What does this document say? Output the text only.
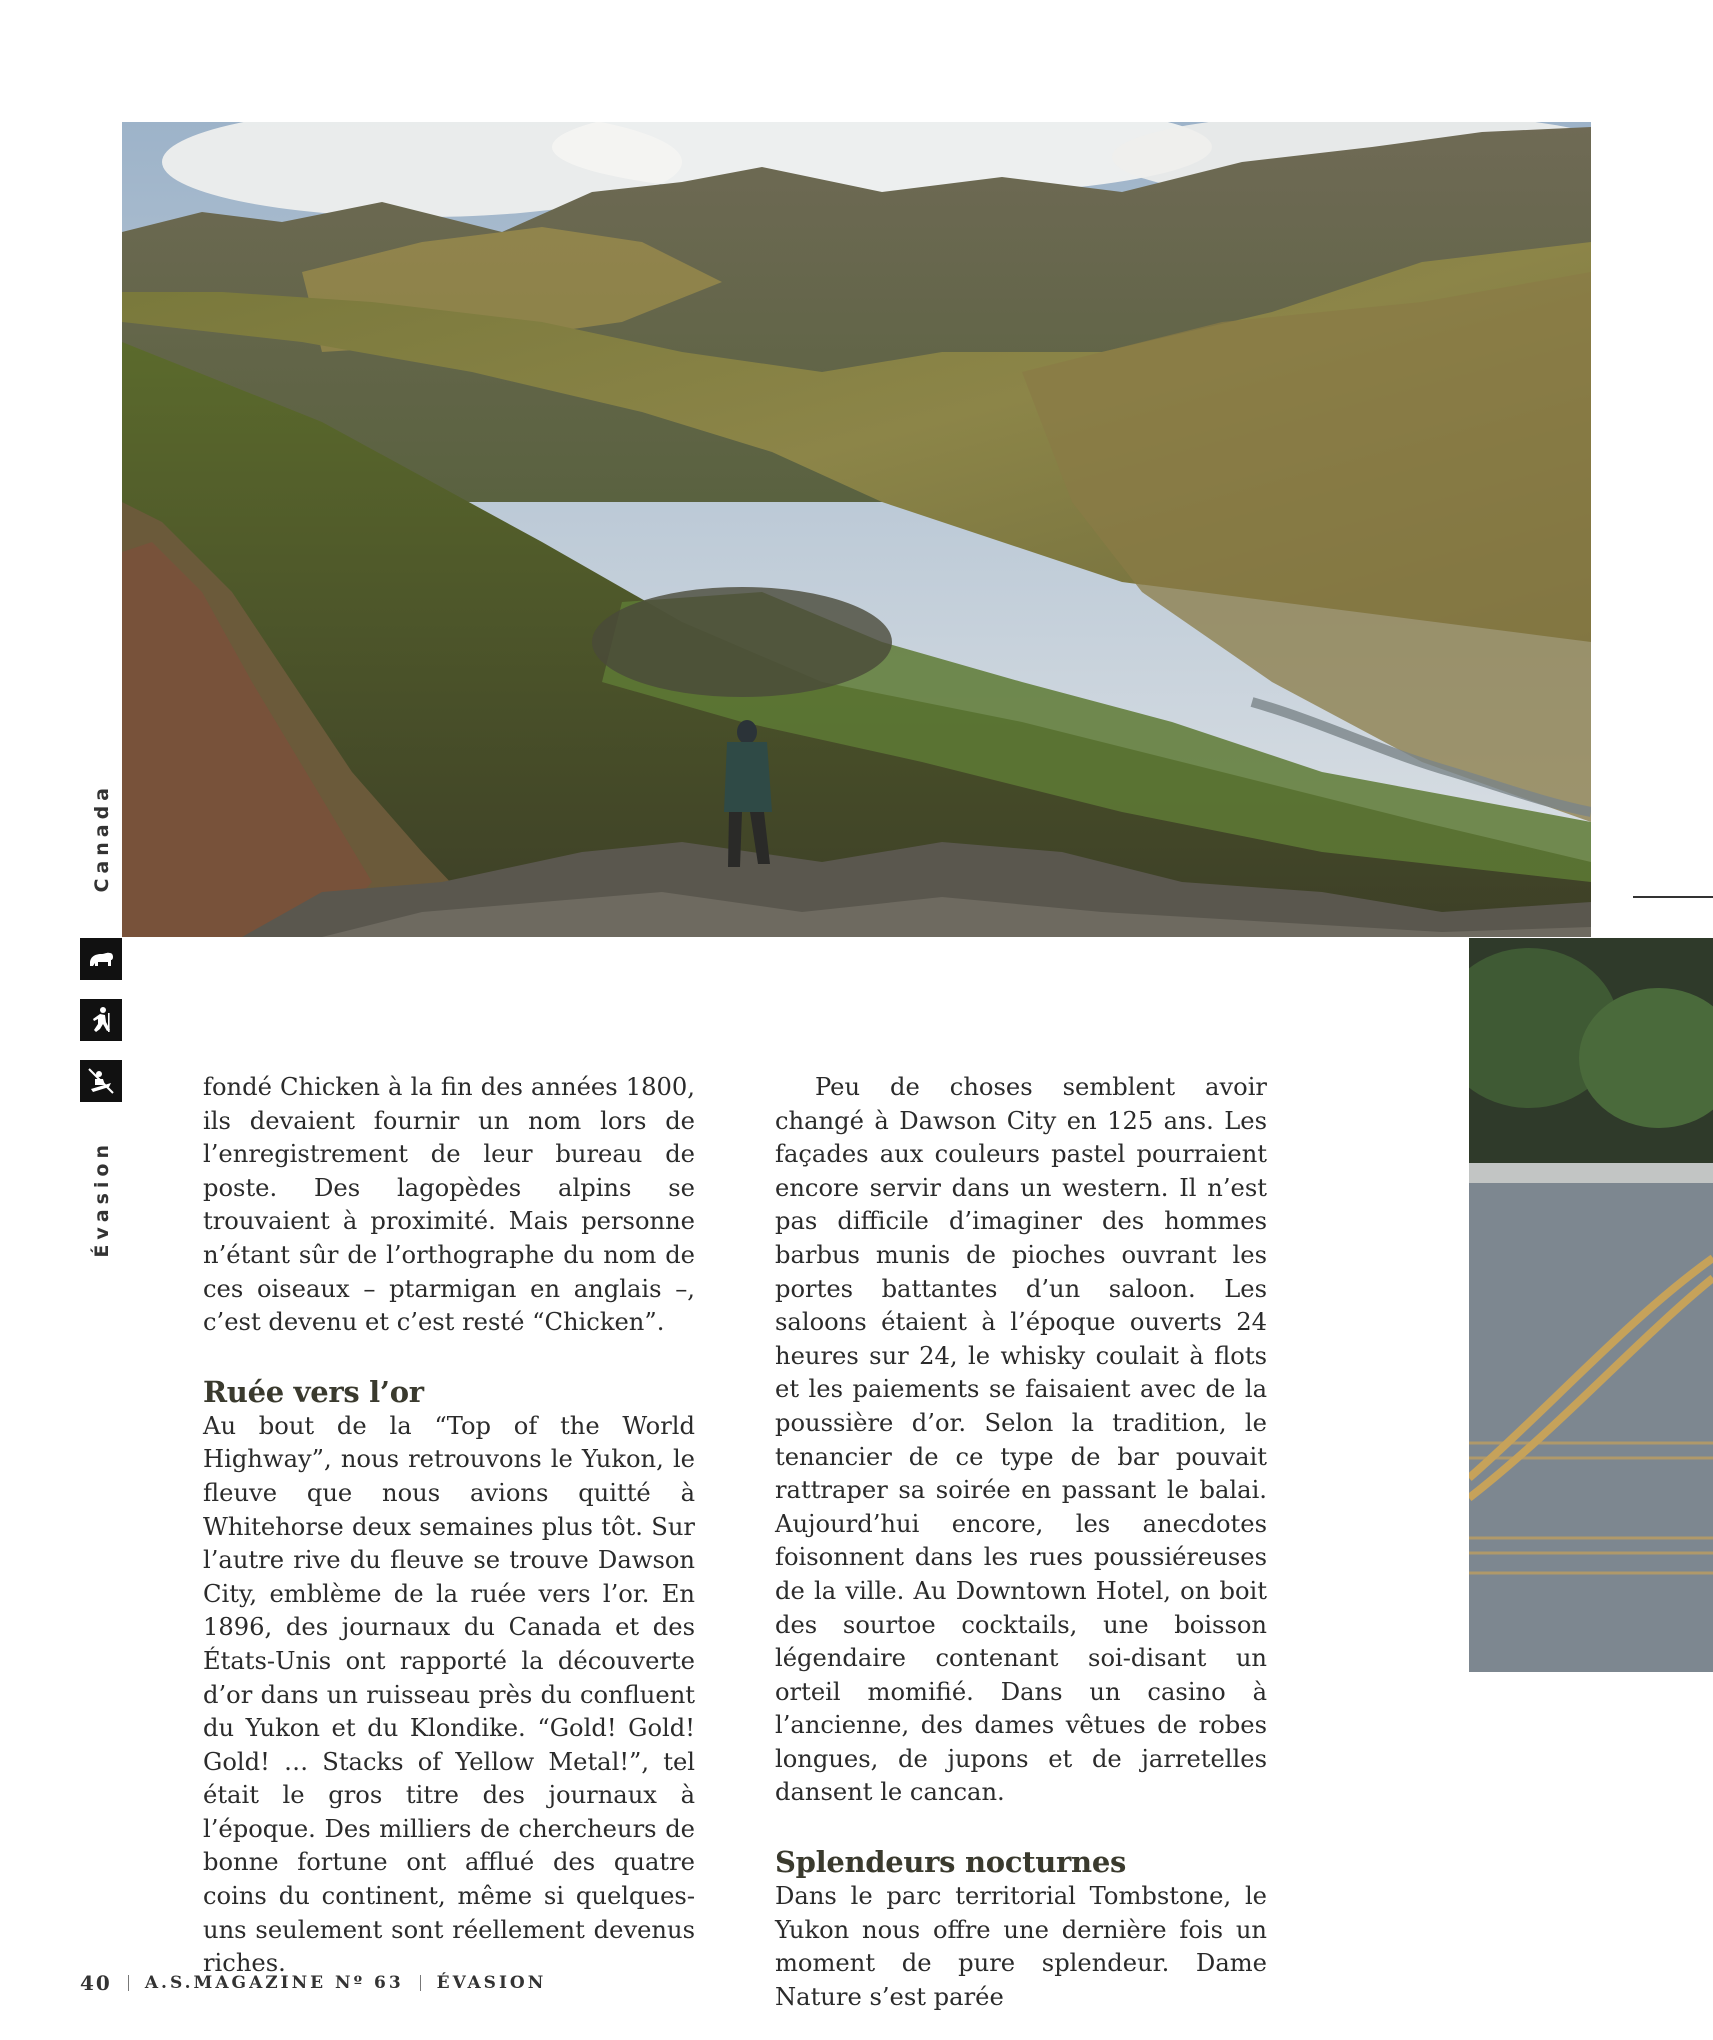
Canada
Évasion

fondé Chicken à la fin des années 1800, ils devaient fournir un nom lors de l’enregistrement de leur bureau de poste. Des lagopèdes alpins se trouvaient à proximité. Mais personne n’étant sûr de l’orthographe du nom de ces oiseaux – ptarmigan en anglais –, c’est devenu et c’est resté “Chicken”.

Ruée vers l’or

Au bout de la “Top of the World Highway”, nous retrouvons le Yukon, le fleuve que nous avions quitté à Whitehorse deux semaines plus tôt. Sur l’autre rive du fleuve se trouve Dawson City, emblème de la ruée vers l’or. En 1896, des journaux du Canada et des États-Unis ont rapporté la découverte d’or dans un ruisseau près du confluent du Yukon et du Klondike. “Gold! Gold! Gold! … Stacks of Yellow Metal!”, tel était le gros titre des journaux à l’époque. Des milliers de chercheurs de bonne fortune ont afflué des quatre coins du continent, même si quelques-uns seulement sont réellement devenus riches.

Peu de choses semblent avoir changé à Dawson City en 125 ans. Les façades aux couleurs pastel pourraient encore servir dans un western. Il n’est pas difficile d’imaginer des hommes barbus munis de pioches ouvrant les portes battantes d’un saloon. Les saloons étaient à l’époque ouverts 24 heures sur 24, le whisky coulait à flots et les paiements se faisaient avec de la poussière d’or. Selon la tradition, le tenancier de ce type de bar pouvait rattraper sa soirée en passant le balai. Aujourd’hui encore, les anecdotes foisonnent dans les rues poussiéreuses de la ville. Au Downtown Hotel, on boit des sourtoe cocktails, une boisson légendaire contenant soi-disant un orteil momifié. Dans un casino à l’ancienne, des dames vêtues de robes longues, de jupons et de jarretelles dansent le cancan.

Splendeurs nocturnes

Dans le parc territorial Tombstone, le Yukon nous offre une dernière fois un moment de pure splendeur. Dame Nature s’est parée

40 A.S.MAGAZINE Nº 63 ÉVASION
